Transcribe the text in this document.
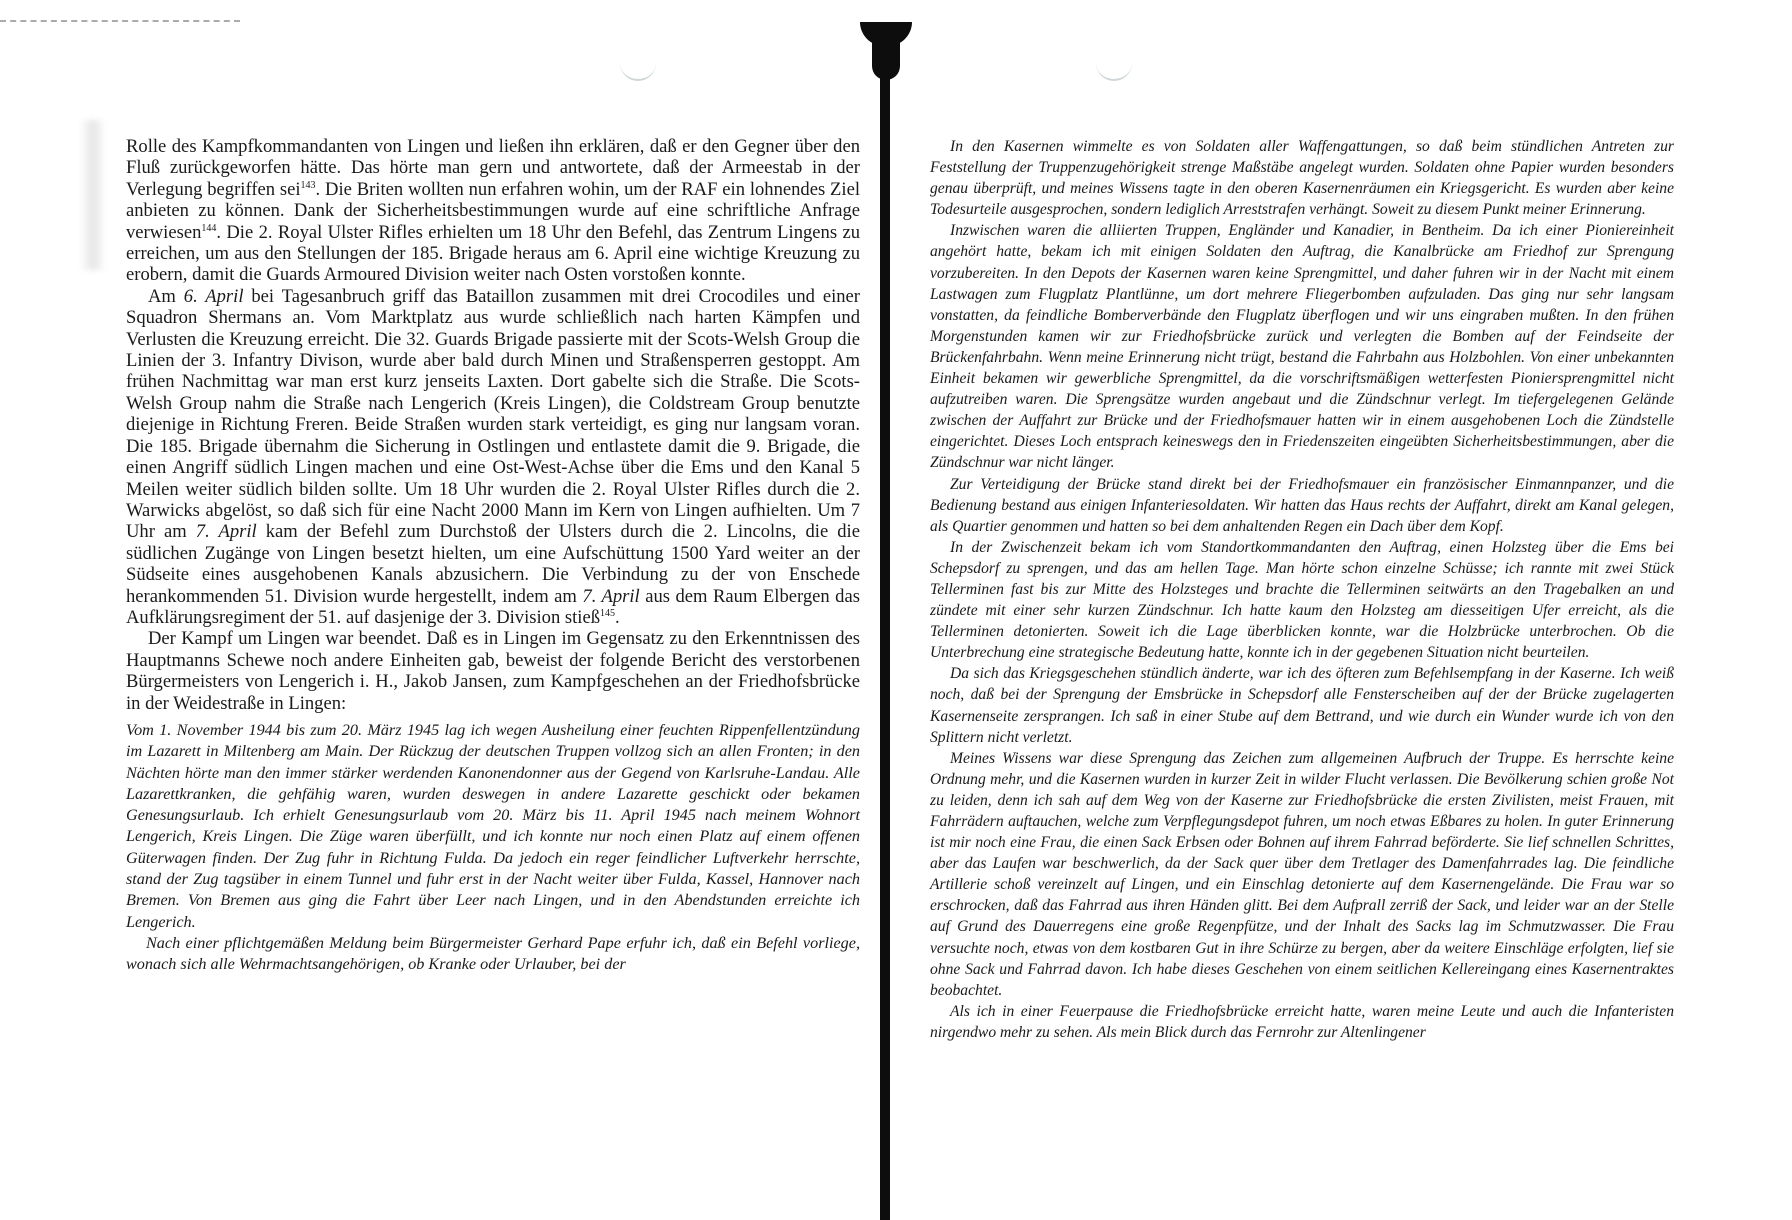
Rolle des Kampfkommandanten von Lingen und ließen ihn erklären, daß er den Gegner über den Fluß zurückgeworfen hätte. Das hörte man gern und antwortete, daß der Armeestab in der Verlegung begriffen sei$^{143}$. Die Briten wollten nun erfahren wohin, um der RAF ein lohnendes Ziel anbieten zu können. Dank der Sicherheitsbestimmungen wurde auf eine schriftliche Anfrage verwiesen$^{144}$. Die 2. Royal Ulster Rifles erhielten um 18 Uhr den Befehl, das Zentrum Lingens zu erreichen, um aus den Stellungen der 185. Brigade heraus am 6. April eine wichtige Kreuzung zu erobern, damit die Guards Armoured Division weiter nach Osten vorstoßen konnte.

Am 6. April bei Tagesanbruch griff das Bataillon zusammen mit drei Crocodiles und einer Squadron Shermans an. Vom Marktplatz aus wurde schließlich nach harten Kämpfen und Verlusten die Kreuzung erreicht. Die 32. Guards Brigade passierte mit der Scots-Welsh Group die Linien der 3. Infantry Divison, wurde aber bald durch Minen und Straßensperren gestoppt. Am frühen Nachmittag war man erst kurz jenseits Laxten. Dort gabelte sich die Straße. Die Scots-Welsh Group nahm die Straße nach Lengerich (Kreis Lingen), die Coldstream Group benutzte diejenige in Richtung Freren. Beide Straßen wurden stark verteidigt, es ging nur langsam voran. Die 185. Brigade übernahm die Sicherung in Ostlingen und entlastete damit die 9. Brigade, die einen Angriff südlich Lingen machen und eine Ost-West-Achse über die Ems und den Kanal 5 Meilen weiter südlich bilden sollte. Um 18 Uhr wurden die 2. Royal Ulster Rifles durch die 2. Warwicks abgelöst, so daß sich für eine Nacht 2000 Mann im Kern von Lingen aufhielten. Um 7 Uhr am 7. April kam der Befehl zum Durchstoß der Ulsters durch die 2. Lincolns, die die südlichen Zugänge von Lingen besetzt hielten, um eine Aufschüttung 1500 Yard weiter an der Südseite eines ausgehobenen Kanals abzusichern. Die Verbindung zu der von Enschede herankommenden 51. Division wurde hergestellt, indem am 7. April aus dem Raum Elbergen das Aufklärungsregiment der 51. auf dasjenige der 3. Division stieß$^{145}$.

Der Kampf um Lingen war beendet. Daß es in Lingen im Gegensatz zu den Erkenntnissen des Hauptmanns Schewe noch andere Einheiten gab, beweist der folgende Bericht des verstorbenen Bürgermeisters von Lengerich i. H., Jakob Jansen, zum Kampfgeschehen an der Friedhofsbrücke in der Weidestraße in Lingen:

Vom 1. November 1944 bis zum 20. März 1945 lag ich wegen Ausheilung einer feuchten Rippenfellentzündung im Lazarett in Miltenberg am Main. Der Rückzug der deutschen Truppen vollzog sich an allen Fronten; in den Nächten hörte man den immer stärker werdenden Kanonendonner aus der Gegend von Karlsruhe-Landau. Alle Lazarettkranken, die gehfähig waren, wurden deswegen in andere Lazarette geschickt oder bekamen Genesungsurlaub. Ich erhielt Genesungsurlaub vom 20. März bis 11. April 1945 nach meinem Wohnort Lengerich, Kreis Lingen. Die Züge waren überfüllt, und ich konnte nur noch einen Platz auf einem offenen Güterwagen finden. Der Zug fuhr in Richtung Fulda. Da jedoch ein reger feindlicher Luftverkehr herrschte, stand der Zug tagsüber in einem Tunnel und fuhr erst in der Nacht weiter über Fulda, Kassel, Hannover nach Bremen. Von Bremen aus ging die Fahrt über Leer nach Lingen, und in den Abendstunden erreichte ich Lengerich.

Nach einer pflichtgemäßen Meldung beim Bürgermeister Gerhard Pape erfuhr ich, daß ein Befehl vorliege, wonach sich alle Wehrmachtsangehörigen, ob Kranke oder Urlauber, bei der

In den Kasernen wimmelte es von Soldaten aller Waffengattungen, so daß beim stündlichen Antreten zur Feststellung der Truppenzugehörigkeit strenge Maßstäbe angelegt wurden. Soldaten ohne Papier wurden besonders genau überprüft, und meines Wissens tagte in den oberen Kasernenräumen ein Kriegsgericht. Es wurden aber keine Todesurteile ausgesprochen, sondern lediglich Arreststrafen verhängt. Soweit zu diesem Punkt meiner Erinnerung.

Inzwischen waren die alliierten Truppen, Engländer und Kanadier, in Bentheim. Da ich einer Pioniereinheit angehört hatte, bekam ich mit einigen Soldaten den Auftrag, die Kanalbrücke am Friedhof zur Sprengung vorzubereiten. In den Depots der Kasernen waren keine Sprengmittel, und daher fuhren wir in der Nacht mit einem Lastwagen zum Flugplatz Plantlünne, um dort mehrere Fliegerbomben aufzuladen. Das ging nur sehr langsam vonstatten, da feindliche Bomberverbände den Flugplatz überflogen und wir uns eingraben mußten. In den frühen Morgenstunden kamen wir zur Friedhofsbrücke zurück und verlegten die Bomben auf der Feindseite der Brückenfahrbahn. Wenn meine Erinnerung nicht trügt, bestand die Fahrbahn aus Holzbohlen. Von einer unbekannten Einheit bekamen wir gewerbliche Sprengmittel, da die vorschriftsmäßigen wetterfesten Pioniersprengmittel nicht aufzutreiben waren. Die Sprengsätze wurden angebaut und die Zündschnur verlegt. Im tiefergelegenen Gelände zwischen der Auffahrt zur Brücke und der Friedhofsmauer hatten wir in einem ausgehobenen Loch die Zündstelle eingerichtet. Dieses Loch entsprach keineswegs den in Friedenszeiten eingeübten Sicherheitsbestimmungen, aber die Zündschnur war nicht länger.

Zur Verteidigung der Brücke stand direkt bei der Friedhofsmauer ein französischer Einmannpanzer, und die Bedienung bestand aus einigen Infanteriesoldaten. Wir hatten das Haus rechts der Auffahrt, direkt am Kanal gelegen, als Quartier genommen und hatten so bei dem anhaltenden Regen ein Dach über dem Kopf.

In der Zwischenzeit bekam ich vom Standortkommandanten den Auftrag, einen Holzsteg über die Ems bei Schepsdorf zu sprengen, und das am hellen Tage. Man hörte schon einzelne Schüsse; ich rannte mit zwei Stück Tellerminen fast bis zur Mitte des Holzsteges und brachte die Tellerminen seitwärts an den Tragebalken an und zündete mit einer sehr kurzen Zündschnur. Ich hatte kaum den Holzsteg am diesseitigen Ufer erreicht, als die Tellerminen detonierten. Soweit ich die Lage überblicken konnte, war die Holzbrücke unterbrochen. Ob die Unterbrechung eine strategische Bedeutung hatte, konnte ich in der gegebenen Situation nicht beurteilen.

Da sich das Kriegsgeschehen stündlich änderte, war ich des öfteren zum Befehlsempfang in der Kaserne. Ich weiß noch, daß bei der Sprengung der Emsbrücke in Schepsdorf alle Fensterscheiben auf der der Brücke zugelagerten Kasernenseite zersprangen. Ich saß in einer Stube auf dem Bettrand, und wie durch ein Wunder wurde ich von den Splittern nicht verletzt.

Meines Wissens war diese Sprengung das Zeichen zum allgemeinen Aufbruch der Truppe. Es herrschte keine Ordnung mehr, und die Kasernen wurden in kurzer Zeit in wilder Flucht verlassen. Die Bevölkerung schien große Not zu leiden, denn ich sah auf dem Weg von der Kaserne zur Friedhofsbrücke die ersten Zivilisten, meist Frauen, mit Fahrrädern auftauchen, welche zum Verpflegungsdepot fuhren, um noch etwas Eßbares zu holen. In guter Erinnerung ist mir noch eine Frau, die einen Sack Erbsen oder Bohnen auf ihrem Fahrrad beförderte. Sie lief schnellen Schrittes, aber das Laufen war beschwerlich, da der Sack quer über dem Tretlager des Damenfahrrades lag. Die feindliche Artillerie schoß vereinzelt auf Lingen, und ein Einschlag detonierte auf dem Kasernengelände. Die Frau war so erschrocken, daß das Fahrrad aus ihren Händen glitt. Bei dem Aufprall zerriß der Sack, und leider war an der Stelle auf Grund des Dauerregens eine große Regenpfütze, und der Inhalt des Sacks lag im Schmutzwasser. Die Frau versuchte noch, etwas von dem kostbaren Gut in ihre Schürze zu bergen, aber da weitere Einschläge erfolgten, lief sie ohne Sack und Fahrrad davon. Ich habe dieses Geschehen von einem seitlichen Kellereingang eines Kasernentraktes beobachtet.

Als ich in einer Feuerpause die Friedhofsbrücke erreicht hatte, waren meine Leute und auch die Infanteristen nirgendwo mehr zu sehen. Als mein Blick durch das Fernrohr zur Altenlingener
